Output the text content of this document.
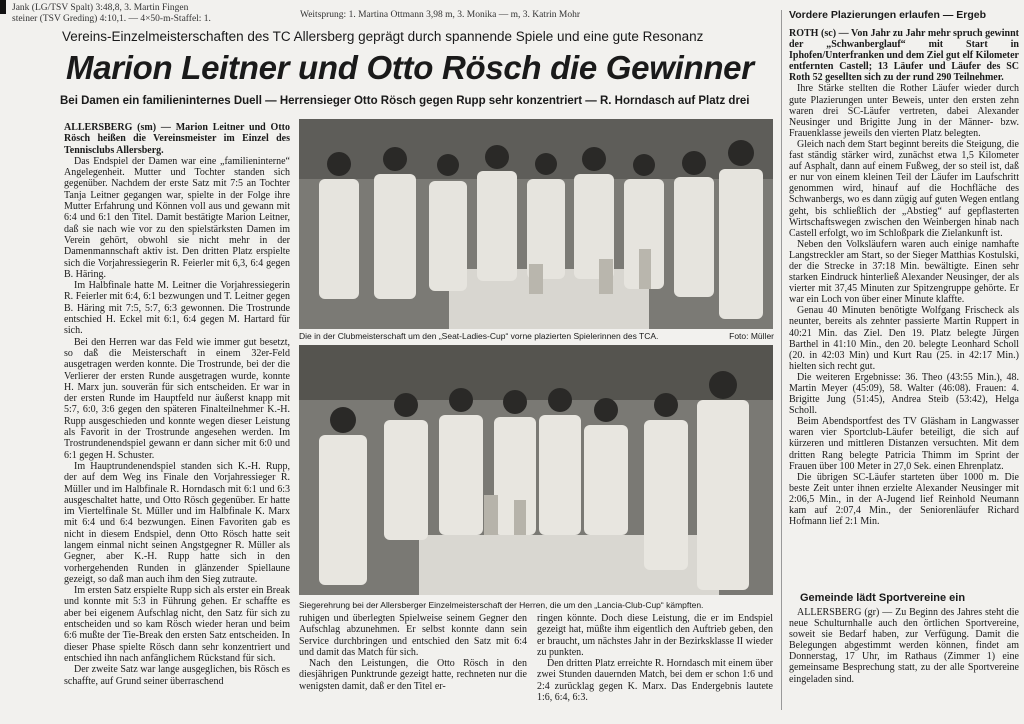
Jank (LG/TSV Spalt) 3:48,8, 3. Martin Fingen
steiner (TSV Greding) 4:10,1. — 4×50-m-Staffel: 1.	Weitsprung: 1. Martina Ottmann 3,98 m, 3. Monika — m, 3. Katrin Mohr	Vordere Plazierungen erlaufen — Ergeb
Vereins-Einzelmeisterschaften des TC Allersberg geprägt durch spannende Spiele und eine gute Resonanz
Marion Leitner und Otto Rösch die Gewinner
Bei Damen ein familieninternes Duell — Herrensieger Otto Rösch gegen Rupp sehr konzentriert — R. Horndasch auf Platz drei

ALLERSBERG (sm) — Marion Leitner und Otto Rösch heißen die Vereinsmeister im Einzel des Tennisclubs Allersberg.

Das Endspiel der Damen war eine „familieninterne“ Angelegenheit. Mutter und Tochter standen sich gegenüber. Nachdem der erste Satz mit 7:5 an Tochter Tanja Leitner gegangen war, spielte in der Folge ihre Mutter Erfahrung und Können voll aus und gewann mit 6:4 und 6:1 den Titel. Damit bestätigte Marion Leitner, daß sie nach wie vor zu den spielstärksten Damen im Verein gehört, obwohl sie nicht mehr in der Damenmannschaft aktiv ist. Den dritten Platz erspielte sich die Vorjahressiegerin R. Feierler mit 6,3, 6:4 gegen B. Häring.

Im Halbfinale hatte M. Leitner die Vorjahressiegerin R. Feierler mit 6:4, 6:1 bezwungen und T. Leitner gegen B. Häring mit 7:5, 5:7, 6:3 gewonnen. Die Trostrunde entschied H. Eckel mit 6:1, 6:4 gegen M. Hartard für sich.

Bei den Herren war das Feld wie immer gut besetzt, so daß die Meisterschaft in einem 32er-Feld ausgetragen werden konnte. Die Trostrunde, bei der die Verlierer der ersten Runde ausgetragen wurde, konnte H. Marx jun. souverän für sich entscheiden. Er war in der ersten Runde im Hauptfeld nur äußerst knapp mit 5:7, 6:0, 3:6 gegen den späteren Finalteilnehmer K.-H. Rupp ausgeschieden und konnte wegen dieser Leistung als Favorit in der Trostrunde angesehen werden. Im Trostrundenendspiel gewann er dann sicher mit 6:0 und 6:1 gegen H. Schuster.

Im Hauptrundenendspiel standen sich K.-H. Rupp, der auf dem Weg ins Finale den Vorjahressieger R. Müller und im Halbfinale R. Horndasch mit 6:1 und 6:3 ausgeschaltet hatte, und Otto Rösch gegenüber. Er hatte im Viertelfinale St. Müller und im Halbfinale K. Marx mit 6:4 und 6:4 bezwungen. Einen Favoriten gab es nicht in diesem Endspiel, denn Otto Rösch hatte seit langem einmal nicht seinen Angstgegner R. Müller als Gegner, aber K.-H. Rupp hatte sich in den vorhergehenden Runden in glänzender Spiellaune gezeigt, so daß man auch ihm den Sieg zutraute.

Im ersten Satz erspielte Rupp sich als erster ein Break und konnte mit 5:3 in Führung gehen. Er schaffte es aber bei eigenem Aufschlag nicht, den Satz für sich zu entscheiden und so kam Rösch wieder heran und beim 6:6 mußte der Tie-Break den ersten Satz entscheiden. In dieser Phase spielte Rösch dann sehr konzentriert und entschied ihn nach anfänglichem Rückstand für sich.

Der zweite Satz war lange ausgeglichen, bis Rösch es schaffte, auf Grund seiner überraschend

Die in der Clubmeisterschaft um den „Seat-Ladies-Cup“ vorne plazierten Spielerinnen des TCA.	Foto: Müller
Siegerehrung bei der Allersberger Einzelmeisterschaft der Herren, die um den „Lancia-Club-Cup“ kämpften.

ruhigen und überlegten Spielweise seinem Gegner den Aufschlag abzunehmen. Er selbst konnte dann sein Service durchbringen und entschied den Satz mit 6:4 und damit das Match für sich.

Nach den Leistungen, die Otto Rösch in den diesjährigen Punktrunde gezeigt hatte, rechneten nur die wenigsten damit, daß er den Titel er-

ringen könnte. Doch diese Leistung, die er im Endspiel gezeigt hat, müßte ihm eigentlich den Auftrieb geben, den er braucht, um nächstes Jahr in der Bezirksklasse II wieder zu punkten.

Den dritten Platz erreichte R. Horndasch mit einem über zwei Stunden dauernden Match, bei dem er schon 1:6 und 2:4 zurücklag gegen K. Marx. Das Endergebnis lautete 1:6, 6:4, 6:3.

ROTH (sc) — Von Jahr zu Jahr mehr spruch gewinnt der „Schwanberglauf“ mit Start in Iphofen/Unterfranken und dem Ziel gut elf Kilometer entfernten Castell; 13 Läufer und Läufer des SC Roth 52 gesellten sich zu der rund 290 Teilnehmer.

Ihre Stärke stellten die Rother Läufer wieder durch gute Plazierungen unter Beweis, unter den ersten zehn waren drei SC-Läufer vertreten, dabei Alexander Neusinger und Brigitte Jung in der Männer- bzw. Frauenklasse jeweils den vierten Platz belegten.

Gleich nach dem Start beginnt bereits die Steigung, die fast ständig stärker wird, zunächst etwa 1,5 Kilometer auf Asphalt, dann auf einem Fußweg, der so steil ist, daß er nur von einem kleinen Teil der Läufer im Laufschritt genommen wird, hinauf auf die Hochfläche des Schwanbergs, wo es dann zügig auf guten Wegen entlang geht, bis schließlich der „Abstieg“ auf gepflasterten Wirtschaftswegen zwischen den Weinbergen hinab nach Castell erfolgt, wo im Schloßpark die Zielankunft ist.

Neben den Volksläufern waren auch einige namhafte Langstreckler am Start, so der Sieger Matthias Kostulski, der die Strecke in 37:18 Min. bewältigte. Einen sehr starken Eindruck hinterließ Alexander Neusinger, der als vierter mit 37,45 Minuten zur Spitzengruppe gehörte. Er war ein Loch von über einer Minute klaffte.

Genau 40 Minuten benötigte Wolfgang Frischeck als neunter, bereits als zehnter passierte Martin Ruppert in 40:21 Min. das Ziel. Den 19. Platz belegte Jürgen Barthel in 41:10 Min., den 20. belegte Leonhard Scholl (20. in 42:03 Min) und Kurt Rau (25. in 42:17 Min.) hielten sich recht gut.

Die weiteren Ergebnisse: 36. Theo (43:55 Min.), 48. Martin Meyer (45:09), 58. Walter (46:08). Frauen: 4. Brigitte Jung (51:45), Andrea Steib (53:42), Helga Scholl.

Beim Abendsportfest des TV Gläsham in Langwasser waren vier Sportclub-Läufer beteiligt, die sich auf kürzeren und mittleren Distanzen versuchten. Mit dem dritten Rang belegte Patricia Thimm im Sprint der Frauen über 100 Meter in 27,0 Sek. einen Ehrenplatz.

Die übrigen SC-Läufer starteten über 1000 m. Die beste Zeit unter ihnen erzielte Alexander Neusinger mit 2:06,5 Min., in der A-Jugend lief Reinhold Neumann kam auf 2:07,4 Min., der Seniorenläufer Richard Hofmann lief 2:1 Min.

Gemeinde lädt Sportvereine ein

ALLERSBERG (gr) — Zu Beginn des Jahres steht die neue Schulturnhalle auch den örtlichen Sportvereine, soweit sie Bedarf haben, zur Verfügung. Damit die Belegungen abgestimmt werden können, findet am Donnerstag, 17 Uhr, im Rathaus (Zimmer 1) eine gemeinsame Besprechung statt, zu der alle Sportvereine eingeladen sind.
